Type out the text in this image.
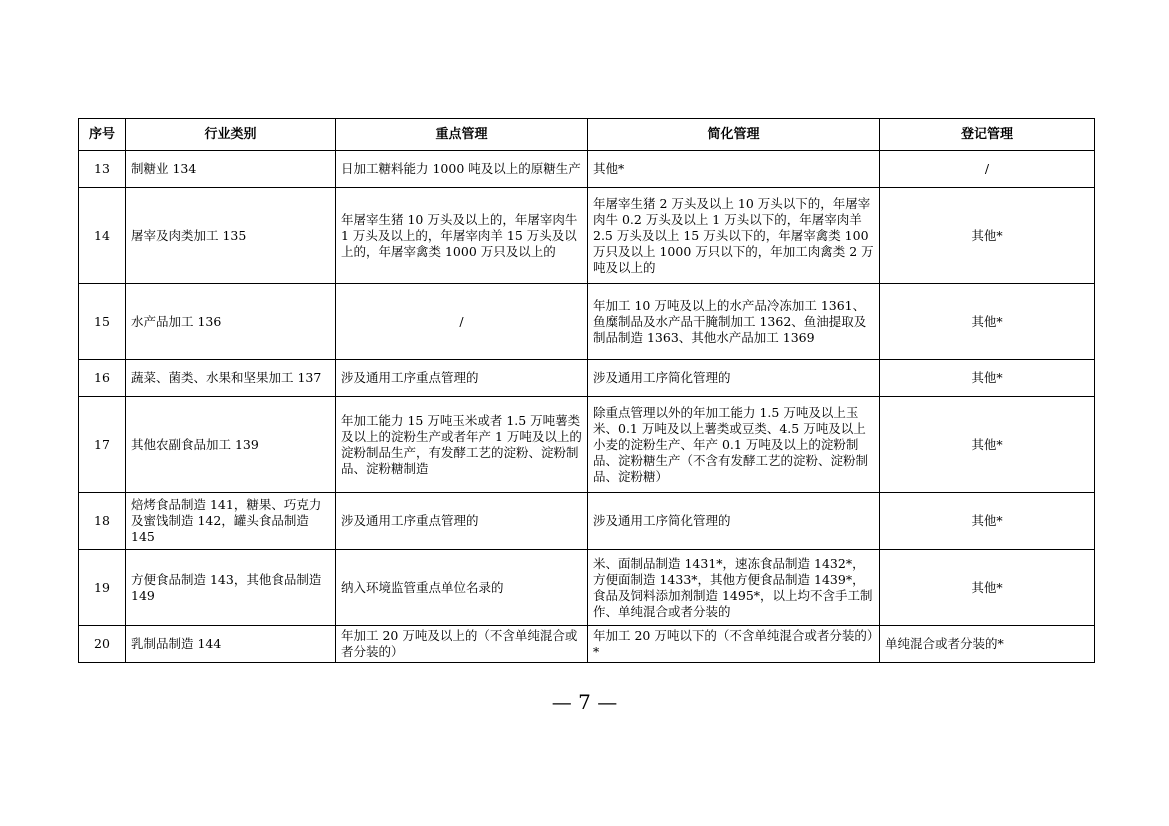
序号	行业类别	重点管理	简化管理	登记管理
13	制糖业 134	日加工糖料能力 1000 吨及以上的原糖生产	其他*	/
14	屠宰及肉类加工 135	年屠宰生猪 10 万头及以上的，年屠宰肉牛 1 万头及以上的，年屠宰肉羊 15 万头及以上的，年屠宰禽类 1000 万只及以上的	年屠宰生猪 2 万头及以上 10 万头以下的，年屠宰肉牛 0.2 万头及以上 1 万头以下的，年屠宰肉羊 2.5 万头及以上 15 万头以下的，年屠宰禽类 100 万只及以上 1000 万只以下的，年加工肉禽类 2 万吨及以上的	其他*
15	水产品加工 136	/	年加工 10 万吨及以上的水产品冷冻加工 1361、鱼糜制品及水产品干腌制加工 1362、鱼油提取及制品制造 1363、其他水产品加工 1369	其他*
16	蔬菜、菌类、水果和坚果加工 137	涉及通用工序重点管理的	涉及通用工序简化管理的	其他*
17	其他农副食品加工 139	年加工能力 15 万吨玉米或者 1.5 万吨薯类及以上的淀粉生产或者年产 1 万吨及以上的淀粉制品生产，有发酵工艺的淀粉、淀粉制品、淀粉糖制造	除重点管理以外的年加工能力 1.5 万吨及以上玉米、0.1 万吨及以上薯类或豆类、4.5 万吨及以上小麦的淀粉生产、年产 0.1 万吨及以上的淀粉制品、淀粉糖生产（不含有发酵工艺的淀粉、淀粉制品、淀粉糖）	其他*
18	焙烤食品制造 141，糖果、巧克力及蜜饯制造 142，罐头食品制造 145	涉及通用工序重点管理的	涉及通用工序简化管理的	其他*
19	方便食品制造 143，其他食品制造 149	纳入环境监管重点单位名录的	米、面制品制造 1431*，速冻食品制造 1432*，方便面制造 1433*，其他方便食品制造 1439*，食品及饲料添加剂制造 1495*，以上均不含手工制作、单纯混合或者分装的	其他*
20	乳制品制造 144	年加工 20 万吨及以上的（不含单纯混合或者分装的）	年加工 20 万吨以下的（不含单纯混合或者分装的）*	单纯混合或者分装的*
— 7 —
